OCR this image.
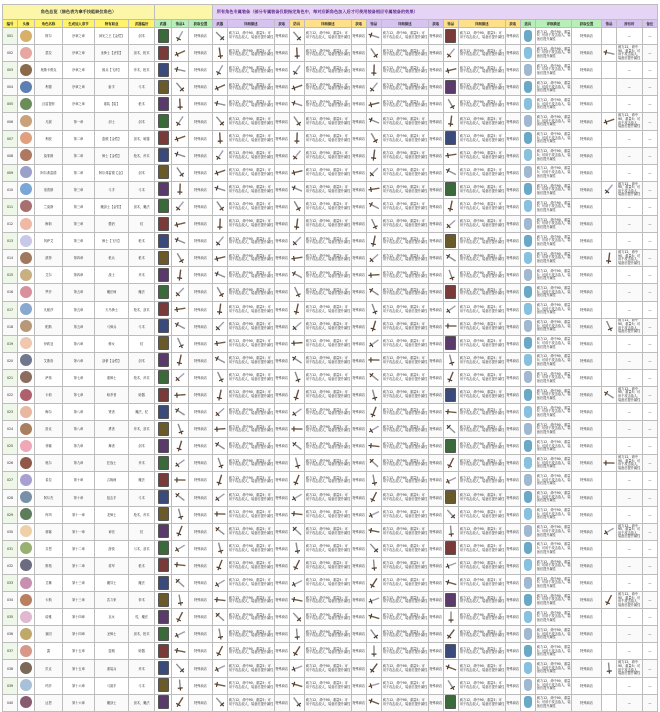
角色总览（绿色表为拿手技能缺位角色）									所有角色专属装备（部分专属装备仅限指定角色中，每对应新角色加入后才可使用装备相应专属装备的效果）																	
编号	头像	角色名称	生成加入章节	特有职业	武器偏好	武器	饰品1	获取位置	武器	详细描述	获取	防具	详细描述	获取	饰品	详细描述	获取	饰品	详细描述	获取	道具	详细描述	获取位置	饰品	持有时	备注
001		阿尔	序章之章	神光之王【金铠】	剑术			特殊商店		威力12，命中90，重量5；可用于攻击敌人，装备后提升属性	特殊商店		威力12，命中90，重量5；可用于攻击敌人，装备后提升属性	特殊商店		威力12，命中90，重量5；可用于攻击敌人，装备后提升属性	特殊商店		威力12，命中90，重量5；可用于攻击敌人，装备后提升属性	特殊商店		威力12，命中90，重量5；可用于攻击敌人，装备后提升属性	特殊商店		—	—
002		瑟拉	序章之章	圣骑士【圣铠】	剑术，枪术			特殊商店		威力12，命中90，重量5；可用于攻击敌人，装备后提升属性	特殊商店		威力12，命中90，重量5；可用于攻击敌人，装备后提升属性	特殊商店		威力12，命中90，重量5；可用于攻击敌人，装备后提升属性	特殊商店		威力12，命中90，重量5；可用于攻击敌人，装备后提升属性	特殊商店		威力12，命中90，重量5；可用于攻击敌人，装备后提升属性	特殊商店		威力12，命中90，重量5；可用于攻击敌人，装备后提升属性	—
003		奥斯卡维克	序章之章	佣兵【飞斧】	斧术，枪术			特殊商店		威力12，命中90，重量5；可用于攻击敌人，装备后提升属性	特殊商店		威力12，命中90，重量5；可用于攻击敌人，装备后提升属性	特殊商店		威力12，命中90，重量5；可用于攻击敌人，装备后提升属性	特殊商店		威力12，命中90，重量5；可用于攻击敌人，装备后提升属性	特殊商店		威力12，命中90，重量5；可用于攻击敌人，装备后提升属性	特殊商店		—	—
004		利德	序章之章	射手	弓术			特殊商店		威力12，命中90，重量5；可用于攻击敌人，装备后提升属性	特殊商店		威力12，命中90，重量5；可用于攻击敌人，装备后提升属性	特殊商店		威力12，命中90，重量5；可用于攻击敌人，装备后提升属性	特殊商店		威力12，命中90，重量5；可用于攻击敌人，装备后提升属性	特殊商店		威力12，命中90，重量5；可用于攻击敌人，装备后提升属性	特殊商店		—	—
005		巨盾提菲	序章之章	重装【盾】	枪术			特殊商店		威力12，命中90，重量5；可用于攻击敌人，装备后提升属性	特殊商店		威力12，命中90，重量5；可用于攻击敌人，装备后提升属性	特殊商店		威力12，命中90，重量5；可用于攻击敌人，装备后提升属性	特殊商店		威力12，命中90，重量5；可用于攻击敌人，装备后提升属性	特殊商店		威力12，命中90，重量5；可用于攻击敌人，装备后提升属性	特殊商店		—	—
006		凡妮	第一章	剑士	剑术			特殊商店		威力12，命中90，重量5；可用于攻击敌人，装备后提升属性	特殊商店		威力12，命中90，重量5；可用于攻击敌人，装备后提升属性	特殊商店		威力12，命中90，重量5；可用于攻击敌人，装备后提升属性	特殊商店		威力12，命中90，重量5；可用于攻击敌人，装备后提升属性	特殊商店		威力12，命中90，重量5；可用于攻击敌人，装备后提升属性	特殊商店		威力12，命中90，重量5；可用于攻击敌人，装备后提升属性	—
007		利波	第二章	盗贼【金铠】	剑术，暗器			特殊商店		威力12，命中90，重量5；可用于攻击敌人，装备后提升属性	特殊商店		威力12，命中90，重量5；可用于攻击敌人，装备后提升属性	特殊商店		威力12，命中90，重量5；可用于攻击敌人，装备后提升属性	特殊商店		威力12，命中90，重量5；可用于攻击敌人，装备后提升属性	特殊商店		威力12，命中90，重量5；可用于攻击敌人，装备后提升属性	特殊商店		—	—
008		莫菲斯	第二章	骑士【金铠】	枪术，斧术			特殊商店		威力12，命中90，重量5；可用于攻击敌人，装备后提升属性	特殊商店		威力12，命中90，重量5；可用于攻击敌人，装备后提升属性	特殊商店		威力12，命中90，重量5；可用于攻击敌人，装备后提升属性	特殊商店		威力12，命中90，重量5；可用于攻击敌人，装备后提升属性	特殊商店		威力12，命中90，重量5；可用于攻击敌人，装备后提升属性	特殊商店		—	—
009		阿尔弗雷德	第二章	阿尔弗雷德【金】	剑术			特殊商店		威力12，命中90，重量5；可用于攻击敌人，装备后提升属性	特殊商店		威力12，命中90，重量5；可用于攻击敌人，装备后提升属性	特殊商店		威力12，命中90，重量5；可用于攻击敌人，装备后提升属性	特殊商店		威力12，命中90，重量5；可用于攻击敌人，装备后提升属性	特殊商店		威力12，命中90，重量5；可用于攻击敌人，装备后提升属性	特殊商店		—	—
010		洛普斯	第三章	弓手	弓术			特殊商店		威力12，命中90，重量5；可用于攻击敌人，装备后提升属性	特殊商店		威力12，命中90，重量5；可用于攻击敌人，装备后提升属性	特殊商店		威力12，命中90，重量5；可用于攻击敌人，装备后提升属性	特殊商店		威力12，命中90，重量5；可用于攻击敌人，装备后提升属性	特殊商店		威力12，命中90，重量5；可用于攻击敌人，装备后提升属性	特殊商店		威力12，命中90，重量5；可用于攻击敌人，装备后提升属性	—
011		兰莫斯	第三章	魔剑士【金铠】	剑术，魔法			特殊商店		威力12，命中90，重量5；可用于攻击敌人，装备后提升属性	特殊商店		威力12，命中90，重量5；可用于攻击敌人，装备后提升属性	特殊商店		威力12，命中90，重量5；可用于攻击敌人，装备后提升属性	特殊商店		威力12，命中90，重量5；可用于攻击敌人，装备后提升属性	特殊商店		威力12，命中90，重量5；可用于攻击敌人，装备后提升属性	特殊商店		—	—
012		梅莉	第三章	僧侣	杖			特殊商店		威力12，命中90，重量5；可用于攻击敌人，装备后提升属性	特殊商店		威力12，命中90，重量5；可用于攻击敌人，装备后提升属性	特殊商店		威力12，命中90，重量5；可用于攻击敌人，装备后提升属性	特殊商店		威力12，命中90，重量5；可用于攻击敌人，装备后提升属性	特殊商店		威力12，命中90，重量5；可用于攻击敌人，装备后提升属性	特殊商店		—	—
013		风萨艾	第三章	骑士【飞马】	枪术			特殊商店		威力12，命中90，重量5；可用于攻击敌人，装备后提升属性	特殊商店		威力12，命中90，重量5；可用于攻击敌人，装备后提升属性	特殊商店		威力12，命中90，重量5；可用于攻击敌人，装备后提升属性	特殊商店		威力12，命中90，重量5；可用于攻击敌人，装备后提升属性	特殊商店		威力12，命中90，重量5；可用于攻击敌人，装备后提升属性	特殊商店		—	—
014		凯特	第四章	枪兵	枪术			特殊商店		威力12，命中90，重量5；可用于攻击敌人，装备后提升属性	特殊商店		威力12，命中90，重量5；可用于攻击敌人，装备后提升属性	特殊商店		威力12，命中90，重量5；可用于攻击敌人，装备后提升属性	特殊商店		威力12，命中90，重量5；可用于攻击敌人，装备后提升属性	特殊商店		威力12，命中90，重量5；可用于攻击敌人，装备后提升属性	特殊商店		威力12，命中90，重量5；可用于攻击敌人，装备后提升属性	—
015		艾尔	第四章	战士	斧术			特殊商店		威力12，命中90，重量5；可用于攻击敌人，装备后提升属性	特殊商店		威力12，命中90，重量5；可用于攻击敌人，装备后提升属性	特殊商店		威力12，命中90，重量5；可用于攻击敌人，装备后提升属性	特殊商店		威力12，命中90，重量5；可用于攻击敌人，装备后提升属性	特殊商店		威力12，命中90，重量5；可用于攻击敌人，装备后提升属性	特殊商店		—	—
016		罗莎	第五章	魔法师	魔法			特殊商店		威力12，命中90，重量5；可用于攻击敌人，装备后提升属性	特殊商店		威力12，命中90，重量5；可用于攻击敌人，装备后提升属性	特殊商店		威力12，命中90，重量5；可用于攻击敌人，装备后提升属性	特殊商店		威力12，命中90，重量5；可用于攻击敌人，装备后提升属性	特殊商店		威力12，命中90，重量5；可用于攻击敌人，装备后提升属性	特殊商店		—	—
017		凡妮莎	第五章	天马骑士	枪术，剑术			特殊商店		威力12，命中90，重量5；可用于攻击敌人，装备后提升属性	特殊商店		威力12，命中90，重量5；可用于攻击敌人，装备后提升属性	特殊商店		威力12，命中90，重量5；可用于攻击敌人，装备后提升属性	特殊商店		威力12，命中90，重量5；可用于攻击敌人，装备后提升属性	特殊商店		威力12，命中90，重量5；可用于攻击敌人，装备后提升属性	特殊商店		—	—
018		帕斯	第五章	弓骑兵	弓术			特殊商店		威力12，命中90，重量5；可用于攻击敌人，装备后提升属性	特殊商店		威力12，命中90，重量5；可用于攻击敌人，装备后提升属性	特殊商店		威力12，命中90，重量5；可用于攻击敌人，装备后提升属性	特殊商店		威力12，命中90，重量5；可用于攻击敌人，装备后提升属性	特殊商店		威力12，命中90，重量5；可用于攻击敌人，装备后提升属性	特殊商店		威力12，命中90，重量5；可用于攻击敌人，装备后提升属性	—
019		伊莉亚	第六章	修女	杖			特殊商店		威力12，命中90，重量5；可用于攻击敌人，装备后提升属性	特殊商店		威力12，命中90，重量5；可用于攻击敌人，装备后提升属性	特殊商店		威力12，命中90，重量5；可用于攻击敌人，装备后提升属性	特殊商店		威力12，命中90，重量5；可用于攻击敌人，装备后提升属性	特殊商店		威力12，命中90，重量5；可用于攻击敌人，装备后提升属性	特殊商店		—	—
020		艾斯洛	第六章	剑豪【金铠】	剑术			特殊商店		威力12，命中90，重量5；可用于攻击敌人，装备后提升属性	特殊商店		威力12，命中90，重量5；可用于攻击敌人，装备后提升属性	特殊商店		威力12，命中90，重量5；可用于攻击敌人，装备后提升属性	特殊商店		威力12，命中90，重量5；可用于攻击敌人，装备后提升属性	特殊商店		威力12，命中90，重量5；可用于攻击敌人，装备后提升属性	特殊商店		—	—
021		萨弗	第七章	重骑士	枪术，斧术			特殊商店		威力12，命中90，重量5；可用于攻击敌人，装备后提升属性	特殊商店		威力12，命中90，重量5；可用于攻击敌人，装备后提升属性	特殊商店		威力12，命中90，重量5；可用于攻击敌人，装备后提升属性	特殊商店		威力12，命中90，重量5；可用于攻击敌人，装备后提升属性	特殊商店		威力12，命中90，重量5；可用于攻击敌人，装备后提升属性	特殊商店		—	—
022		卡莉	第七章	暗杀者	暗器			特殊商店		威力12，命中90，重量5；可用于攻击敌人，装备后提升属性	特殊商店		威力12，命中90，重量5；可用于攻击敌人，装备后提升属性	特殊商店		威力12，命中90，重量5；可用于攻击敌人，装备后提升属性	特殊商店		威力12，命中90，重量5；可用于攻击敌人，装备后提升属性	特殊商店		威力12，命中90，重量5；可用于攻击敌人，装备后提升属性	特殊商店		威力12，命中90，重量5；可用于攻击敌人，装备后提升属性	—
023		梅尔	第八章	贤者	魔法，杖			特殊商店		威力12，命中90，重量5；可用于攻击敌人，装备后提升属性	特殊商店		威力12，命中90，重量5；可用于攻击敌人，装备后提升属性	特殊商店		威力12，命中90，重量5；可用于攻击敌人，装备后提升属性	特殊商店		威力12，命中90，重量5；可用于攻击敌人，装备后提升属性	特殊商店		威力12，命中90，重量5；可用于攻击敌人，装备后提升属性	特殊商店		—	—
024		洛克	第八章	勇者	斧术，剑术			特殊商店		威力12，命中90，重量5；可用于攻击敌人，装备后提升属性	特殊商店		威力12，命中90，重量5；可用于攻击敌人，装备后提升属性	特殊商店		威力12，命中90，重量5；可用于攻击敌人，装备后提升属性	特殊商店		威力12，命中90，重量5；可用于攻击敌人，装备后提升属性	特殊商店		威力12，命中90，重量5；可用于攻击敌人，装备后提升属性	特殊商店		—	—
025		菲娜	第九章	舞者	剑术			特殊商店		威力12，命中90，重量5；可用于攻击敌人，装备后提升属性	特殊商店		威力12，命中90，重量5；可用于攻击敌人，装备后提升属性	特殊商店		威力12，命中90，重量5；可用于攻击敌人，装备后提升属性	特殊商店		威力12，命中90，重量5；可用于攻击敌人，装备后提升属性	特殊商店		威力12，命中90，重量5；可用于攻击敌人，装备后提升属性	特殊商店		—	—
026		奥尔	第九章	狂战士	斧术			特殊商店		威力12，命中90，重量5；可用于攻击敌人，装备后提升属性	特殊商店		威力12，命中90，重量5；可用于攻击敌人，装备后提升属性	特殊商店		威力12，命中90，重量5；可用于攻击敌人，装备后提升属性	特殊商店		威力12，命中90，重量5；可用于攻击敌人，装备后提升属性	特殊商店		威力12，命中90，重量5；可用于攻击敌人，装备后提升属性	特殊商店		威力12，命中90，重量5；可用于攻击敌人，装备后提升属性	—
027		希拉	第十章	召唤师	魔法			特殊商店		威力12，命中90，重量5；可用于攻击敌人，装备后提升属性	特殊商店		威力12，命中90，重量5；可用于攻击敌人，装备后提升属性	特殊商店		威力12，命中90，重量5；可用于攻击敌人，装备后提升属性	特殊商店		威力12，命中90，重量5；可用于攻击敌人，装备后提升属性	特殊商店		威力12，命中90，重量5；可用于攻击敌人，装备后提升属性	特殊商店		—	—
028		阿尔杰	第十章	狙击手	弓术			特殊商店		威力12，命中90，重量5；可用于攻击敌人，装备后提升属性	特殊商店		威力12，命中90，重量5；可用于攻击敌人，装备后提升属性	特殊商店		威力12，命中90，重量5；可用于攻击敌人，装备后提升属性	特殊商店		威力12，命中90，重量5；可用于攻击敌人，装备后提升属性	特殊商店		威力12，命中90，重量5；可用于攻击敌人，装备后提升属性	特殊商店		—	—
029		库玛	第十一章	龙骑士	枪术，斧术			特殊商店		威力12，命中90，重量5；可用于攻击敌人，装备后提升属性	特殊商店		威力12，命中90，重量5；可用于攻击敌人，装备后提升属性	特殊商店		威力12，命中90，重量5；可用于攻击敌人，装备后提升属性	特殊商店		威力12，命中90，重量5；可用于攻击敌人，装备后提升属性	特殊商店		威力12，命中90，重量5；可用于攻击敌人，装备后提升属性	特殊商店		—	—
030		莉娜	第十一章	神官	杖			特殊商店		威力12，命中90，重量5；可用于攻击敌人，装备后提升属性	特殊商店		威力12，命中90，重量5；可用于攻击敌人，装备后提升属性	特殊商店		威力12，命中90，重量5；可用于攻击敌人，装备后提升属性	特殊商店		威力12，命中90，重量5；可用于攻击敌人，装备后提升属性	特殊商店		威力12，命中90，重量5；可用于攻击敌人，装备后提升属性	特殊商店		威力12，命中90，重量5；可用于攻击敌人，装备后提升属性	—
031		芬恩	第十二章	游侠	弓术，剑术			特殊商店		威力12，命中90，重量5；可用于攻击敌人，装备后提升属性	特殊商店		威力12，命中90，重量5；可用于攻击敌人，装备后提升属性	特殊商店		威力12，命中90，重量5；可用于攻击敌人，装备后提升属性	特殊商店		威力12，命中90，重量5；可用于攻击敌人，装备后提升属性	特殊商店		威力12，命中90，重量5；可用于攻击敌人，装备后提升属性	特殊商店		—	—
032		维格	第十二章	将军	枪术			特殊商店		威力12，命中90，重量5；可用于攻击敌人，装备后提升属性	特殊商店		威力12，命中90，重量5；可用于攻击敌人，装备后提升属性	特殊商店		威力12，命中90，重量5；可用于攻击敌人，装备后提升属性	特殊商店		威力12，命中90，重量5；可用于攻击敌人，装备后提升属性	特殊商店		威力12，命中90，重量5；可用于攻击敌人，装备后提升属性	特殊商店		—	—
033		艾琳	第十三章	魔导士	魔法			特殊商店		威力12，命中90，重量5；可用于攻击敌人，装备后提升属性	特殊商店		威力12，命中90，重量5；可用于攻击敌人，装备后提升属性	特殊商店		威力12，命中90，重量5；可用于攻击敌人，装备后提升属性	特殊商店		威力12，命中90，重量5；可用于攻击敌人，装备后提升属性	特殊商店		威力12，命中90，重量5；可用于攻击敌人，装备后提升属性	特殊商店		—	—
034		卡斯	第十三章	武斗家	拳术			特殊商店		威力12，命中90，重量5；可用于攻击敌人，装备后提升属性	特殊商店		威力12，命中90，重量5；可用于攻击敌人，装备后提升属性	特殊商店		威力12，命中90，重量5；可用于攻击敌人，装备后提升属性	特殊商店		威力12，命中90，重量5；可用于攻击敌人，装备后提升属性	特殊商店		威力12，命中90，重量5；可用于攻击敌人，装备后提升属性	特殊商店		威力12，命中90，重量5；可用于攻击敌人，装备后提升属性	—
035		诺雅	第十四章	巫女	杖，魔法			特殊商店		威力12，命中90，重量5；可用于攻击敌人，装备后提升属性	特殊商店		威力12，命中90，重量5；可用于攻击敌人，装备后提升属性	特殊商店		威力12，命中90，重量5；可用于攻击敌人，装备后提升属性	特殊商店		威力12，命中90，重量5；可用于攻击敌人，装备后提升属性	特殊商店		威力12，命中90，重量5；可用于攻击敌人，装备后提升属性	特殊商店		—	—
036		塞因	第十四章	圣骑士	剑术，枪术			特殊商店		威力12，命中90，重量5；可用于攻击敌人，装备后提升属性	特殊商店		威力12，命中90，重量5；可用于攻击敌人，装备后提升属性	特殊商店		威力12，命中90，重量5；可用于攻击敌人，装备后提升属性	特殊商店		威力12，命中90，重量5；可用于攻击敌人，装备后提升属性	特殊商店		威力12，命中90，重量5；可用于攻击敌人，装备后提升属性	特殊商店		—	—
037		露	第十五章	盗贼	暗器			特殊商店		威力12，命中90，重量5；可用于攻击敌人，装备后提升属性	特殊商店		威力12，命中90，重量5；可用于攻击敌人，装备后提升属性	特殊商店		威力12，命中90，重量5；可用于攻击敌人，装备后提升属性	特殊商店		威力12，命中90，重量5；可用于攻击敌人，装备后提升属性	特殊商店		威力12，命中90，重量5；可用于攻击敌人，装备后提升属性	特殊商店		—	—
038		贝克	第十五章	重装兵	斧术			特殊商店		威力12，命中90，重量5；可用于攻击敌人，装备后提升属性	特殊商店		威力12，命中90，重量5；可用于攻击敌人，装备后提升属性	特殊商店		威力12，命中90，重量5；可用于攻击敌人，装备后提升属性	特殊商店		威力12，命中90，重量5；可用于攻击敌人，装备后提升属性	特殊商店		威力12，命中90，重量5；可用于攻击敌人，装备后提升属性	特殊商店		威力12，命中90，重量5；可用于攻击敌人，装备后提升属性	—
039		玛莎	第十六章	弓箭手	弓术			特殊商店		威力12，命中90，重量5；可用于攻击敌人，装备后提升属性	特殊商店		威力12，命中90，重量5；可用于攻击敌人，装备后提升属性	特殊商店		威力12，命中90，重量5；可用于攻击敌人，装备后提升属性	特殊商店		威力12，命中90，重量5；可用于攻击敌人，装备后提升属性	特殊商店		威力12，命中90，重量5；可用于攻击敌人，装备后提升属性	特殊商店		—	—
040		达恩	第十六章	魔剑士	剑术，魔法			特殊商店		威力12，命中90，重量5；可用于攻击敌人，装备后提升属性	特殊商店		威力12，命中90，重量5；可用于攻击敌人，装备后提升属性	特殊商店		威力12，命中90，重量5；可用于攻击敌人，装备后提升属性	特殊商店		威力12，命中90，重量5；可用于攻击敌人，装备后提升属性	特殊商店		威力12，命中90，重量5；可用于攻击敌人，装备后提升属性	特殊商店		—	—
